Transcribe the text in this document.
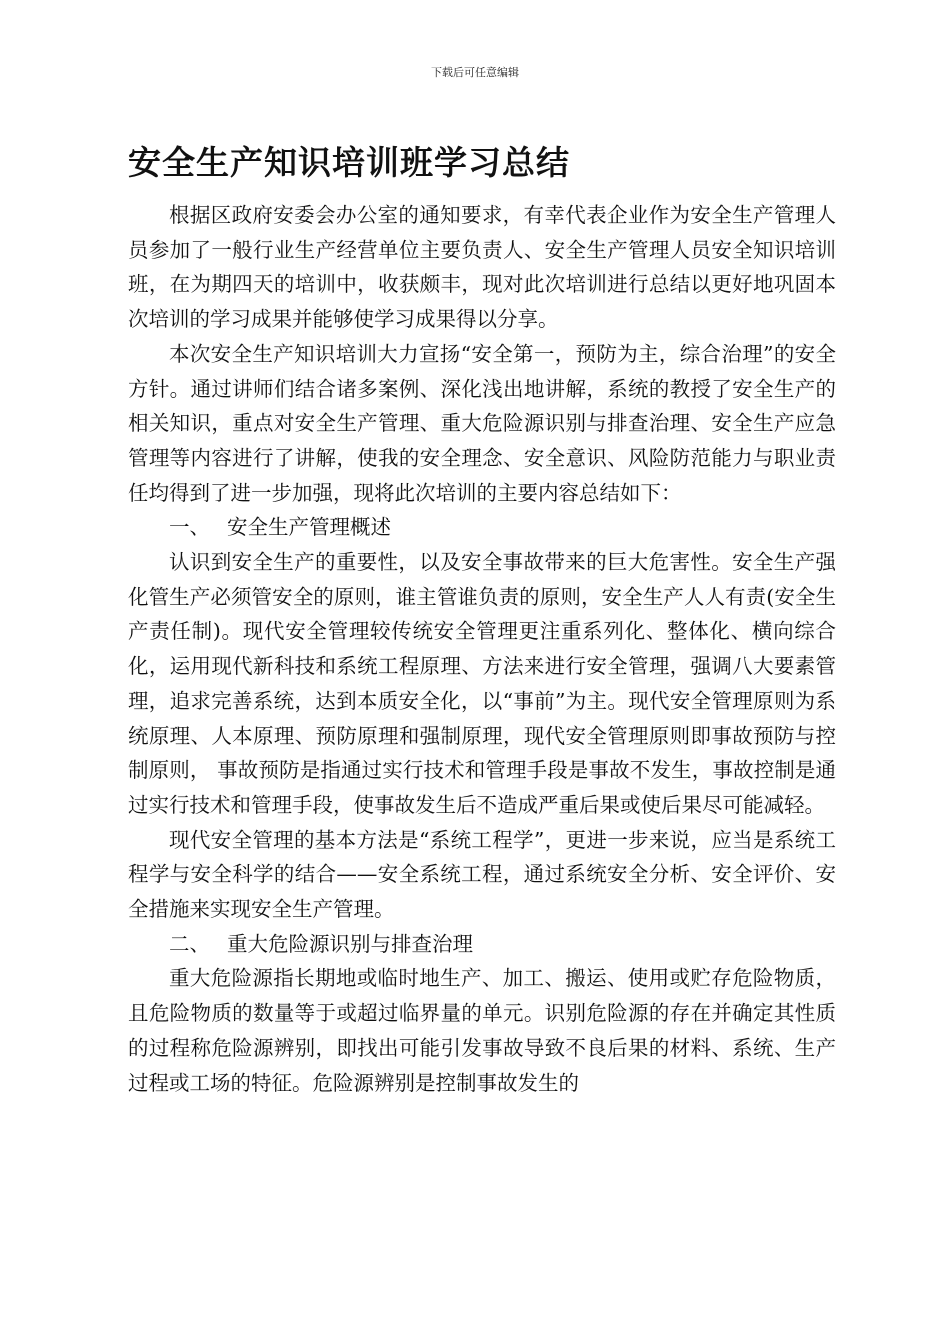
下载后可任意编辑
安全生产知识培训班学习总结

根据区政府安委会办公室的通知要求，有幸代表企业作为安全生产管理人员参加了一般行业生产经营单位主要负责人、安全生产管理人员安全知识培训班，在为期四天的培训中，收获颇丰，现对此次培训进行总结以更好地巩固本次培训的学习成果并能够使学习成果得以分享。

本次安全生产知识培训大力宣扬“安全第一，预防为主，综合治理”的安全方针。通过讲师们结合诸多案例、深化浅出地讲解，系统的教授了安全生产的相关知识，重点对安全生产管理、重大危险源识别与排查治理、安全生产应急管理等内容进行了讲解，使我的安全理念、安全意识、风险防范能力与职业责任均得到了进一步加强，现将此次培训的主要内容总结如下：

一、 安全生产管理概述

认识到安全生产的重要性，以及安全事故带来的巨大危害性。安全生产强化管生产必须管安全的原则，谁主管谁负责的原则，安全生产人人有责(安全生产责任制)。现代安全管理较传统安全管理更注重系列化、整体化、横向综合化，运用现代新科技和系统工程原理、方法来进行安全管理，强调八大要素管理，追求完善系统，达到本质安全化，以“事前”为主。现代安全管理原则为系统原理、人本原理、预防原理和强制原理，现代安全管理原则即事故预防与控制原则， 事故预防是指通过实行技术和管理手段是事故不发生，事故控制是通过实行技术和管理手段，使事故发生后不造成严重后果或使后果尽可能减轻。

现代安全管理的基本方法是“系统工程学”，更进一步来说，应当是系统工程学与安全科学的结合——安全系统工程，通过系统安全分析、安全评价、安全措施来实现安全生产管理。

二、 重大危险源识别与排查治理

重大危险源指长期地或临时地生产、加工、搬运、使用或贮存危险物质，且危险物质的数量等于或超过临界量的单元。识别危险源的存在并确定其性质的过程称危险源辨别，即找出可能引发事故导致不良后果的材料、系统、生产过程或工场的特征。危险源辨别是控制事故发生的
